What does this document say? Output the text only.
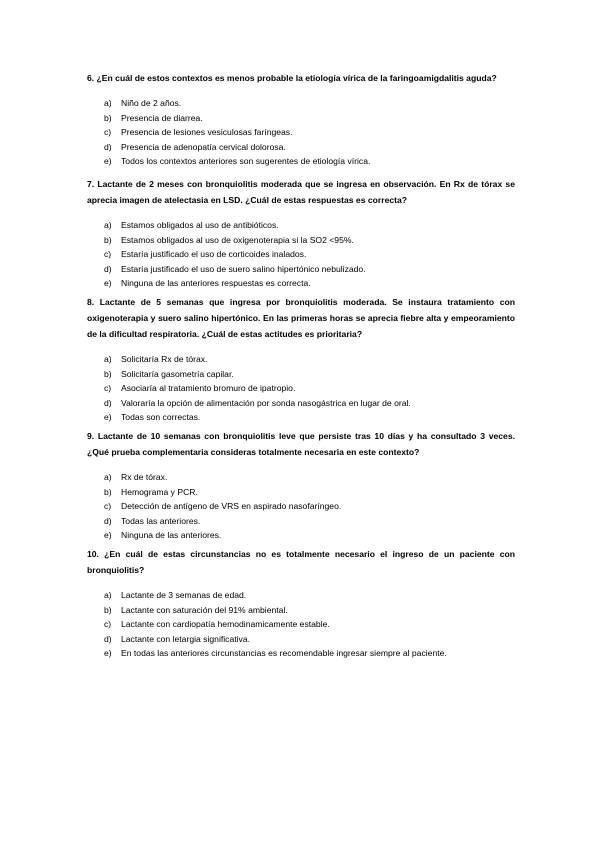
6. ¿En cuál de estos contextos es menos probable la etiología vírica de la faringoamigdalitis aguda?

a)	Niño de 2 años.
b)	Presencia de diarrea.
c)	Presencia de lesiones vesiculosas faríngeas.
d)	Presencia de adenopatía cervical dolorosa.
e)	Todos los contextos anteriores son sugerentes de etiología vírica.

7. Lactante de 2 meses con bronquiolitis moderada que se ingresa en observación. En Rx de tórax se aprecia imagen de atelectasia en LSD. ¿Cuál de estas respuestas es correcta?

a)	Estamos obligados al uso de antibióticos.
b)	Estamos obligados al uso de oxigenoterapia si la SO2 <95%.
c)	Estaría justificado el uso de corticoides inalados.
d)	Estaría justificado el uso de suero salino hipertónico nebulizado.
e)	Ninguna de las anteriores respuestas es correcta.

8. Lactante de 5 semanas que ingresa por bronquiolitis moderada. Se instaura tratamiento con oxigenoterapia y suero salino hipertónico. En las primeras horas se aprecia fiebre alta y empeoramiento de la dificultad respiratoria. ¿Cuál de estas actitudes es prioritaria?

a)	Solicitaría Rx de tórax.
b)	Solicitaría gasometría capilar.
c)	Asociaría al tratamiento bromuro de ipatropio.
d)	Valoraría la opción de alimentación por sonda nasogástrica en lugar de oral.
e)	Todas son correctas.

9. Lactante de 10 semanas con bronquiolitis leve que persiste tras 10 días y ha consultado 3 veces. ¿Qué prueba complementaria consideras totalmente necesaria en este contexto?

a)	Rx de tórax.
b)	Hemograma y PCR.
c)	Detección de antígeno de VRS en aspirado nasofaríngeo.
d)	Todas las anteriores.
e)	Ninguna de las anteriores.

10. ¿En cuál de estas circunstancias no es totalmente necesario el ingreso de un paciente con bronquiolitis?

a)	Lactante de 3 semanas de edad.
b)	Lactante con saturación del 91% ambiental.
c)	Lactante con cardiopatía hemodinamicamente estable.
d)	Lactante con letargia significativa.
e)	En todas las anteriores circunstancias es recomendable ingresar siempre al paciente.
